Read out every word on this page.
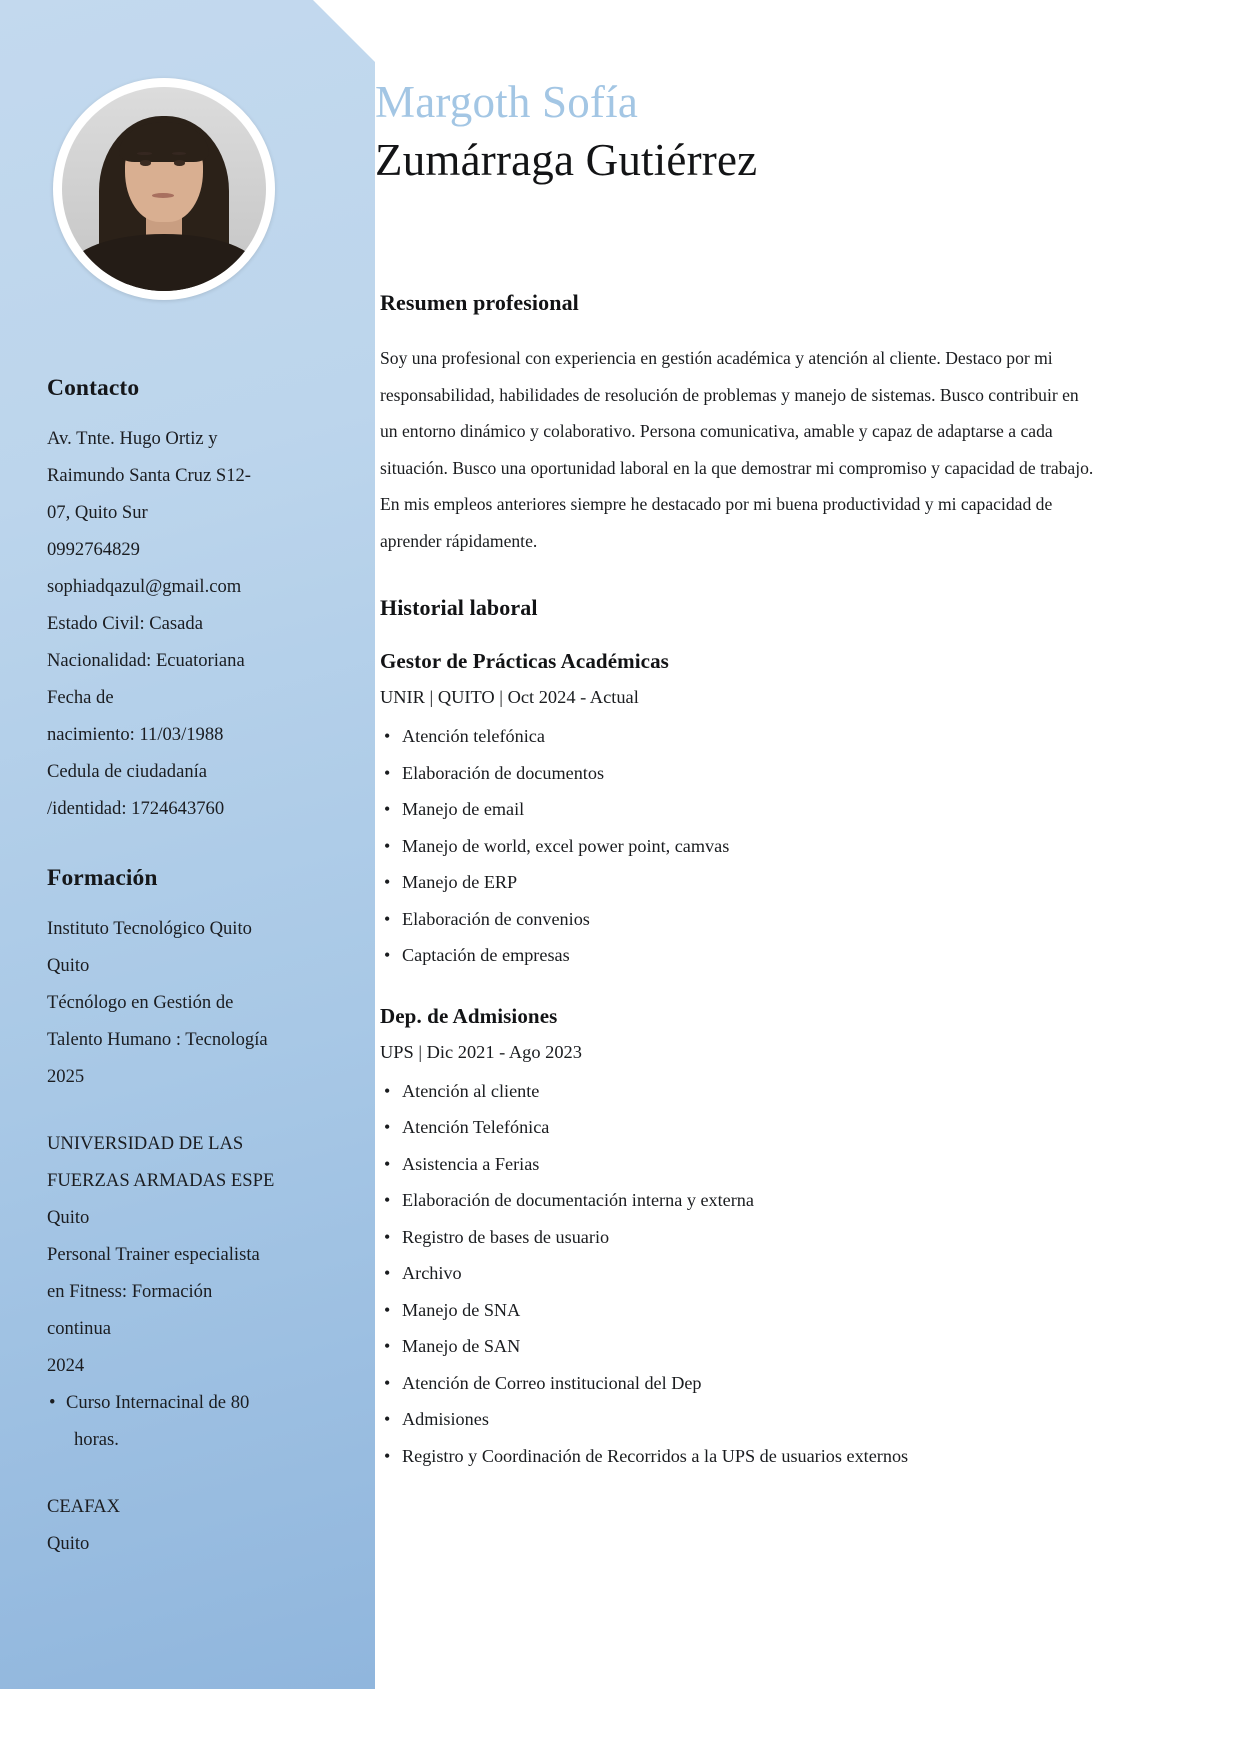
Contacto
Av. Tnte. Hugo Ortiz y
Raimundo Santa Cruz S12-
07, Quito Sur
0992764829
sophiadqazul@gmail.com
Estado Civil: Casada
Nacionalidad: Ecuatoriana
Fecha de
nacimiento: 11/03/1988
Cedula de ciudadanía
/identidad: 1724643760
Formación
Instituto Tecnológico Quito
Quito
Técnólogo en Gestión de
Talento Humano : Tecnología
2025
UNIVERSIDAD DE LAS
FUERZAS ARMADAS ESPE
Quito
Personal Trainer especialista
en Fitness: Formación
continua
2024
• Curso Internacinal de 80
horas.
CEAFAX
Quito
Margoth Sofía
Zumárraga Gutiérrez
Resumen profesional

Soy una profesional con experiencia en gestión académica y atención al cliente. Destaco por mi responsabilidad, habilidades de resolución de problemas y manejo de sistemas. Busco contribuir en un entorno dinámico y colaborativo. Persona comunicativa, amable y capaz de adaptarse a cada situación. Busco una oportunidad laboral en la que demostrar mi compromiso y capacidad de trabajo. En mis empleos anteriores siempre he destacado por mi buena productividad y mi capacidad de aprender rápidamente.

Historial laboral
Gestor de Prácticas Académicas
UNIR | QUITO | Oct 2024 - Actual
• Atención telefónica
• Elaboración de documentos
• Manejo de email
• Manejo de world, excel power point, camvas
• Manejo de ERP
• Elaboración de convenios
• Captación de empresas
Dep. de Admisiones
UPS | Dic 2021 - Ago 2023
• Atención al cliente
• Atención Telefónica
• Asistencia a Ferias
• Elaboración de documentación interna y externa
• Registro de bases de usuario
• Archivo
• Manejo de SNA
• Manejo de SAN
• Atención de Correo institucional del Dep
• Admisiones
• Registro y Coordinación de Recorridos a la UPS de usuarios externos
